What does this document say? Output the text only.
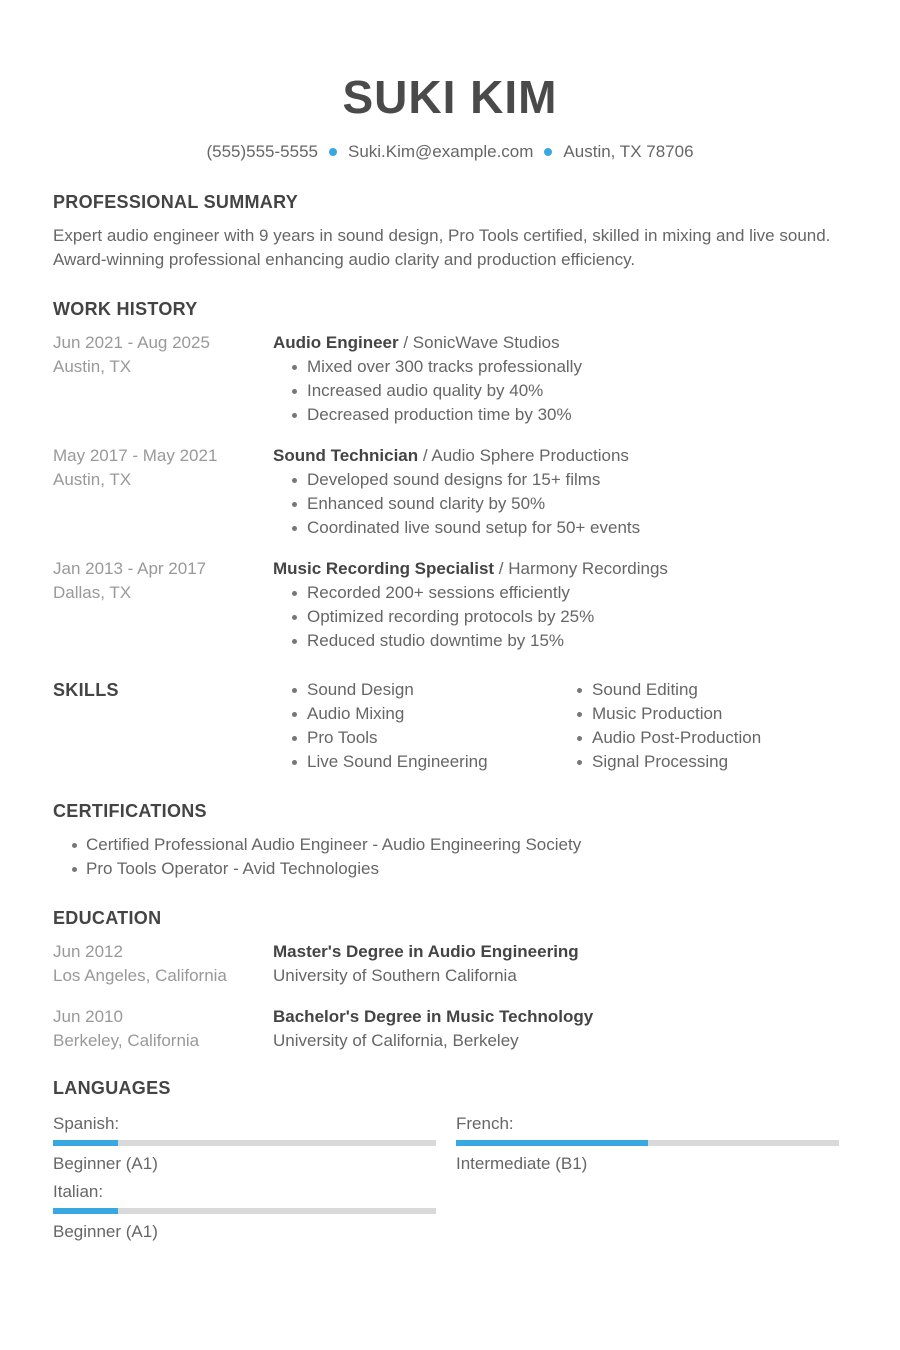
SUKI KIM
(555)555-5555 Suki.Kim@example.com Austin, TX 78706
PROFESSIONAL SUMMARY
Expert audio engineer with 9 years in sound design, Pro Tools certified, skilled in mixing and live sound.
Award-winning professional enhancing audio clarity and production efficiency.
WORK HISTORY
Jun 2021 - Aug 2025
Austin, TX
Audio Engineer / SonicWave Studios
Mixed over 300 tracks professionally
Increased audio quality by 40%
Decreased production time by 30%
May 2017 - May 2021
Austin, TX
Sound Technician / Audio Sphere Productions
Developed sound designs for 15+ films
Enhanced sound clarity by 50%
Coordinated live sound setup for 50+ events
Jan 2013 - Apr 2017
Dallas, TX
Music Recording Specialist / Harmony Recordings
Recorded 200+ sessions efficiently
Optimized recording protocols by 25%
Reduced studio downtime by 15%
SKILLS	Sound Design
Audio Mixing
Pro Tools
Live Sound Engineering
Sound Editing
Music Production
Audio Post-Production
Signal Processing
CERTIFICATIONS
Certified Professional Audio Engineer - Audio Engineering Society
Pro Tools Operator - Avid Technologies
EDUCATION
Jun 2012
Los Angeles, California
Master's Degree in Audio Engineering
University of Southern California
Jun 2010
Berkeley, California
Bachelor's Degree in Music Technology
University of California, Berkeley
LANGUAGES
Spanish:
Beginner (A1)
French:
Intermediate (B1)
Italian:
Beginner (A1)
